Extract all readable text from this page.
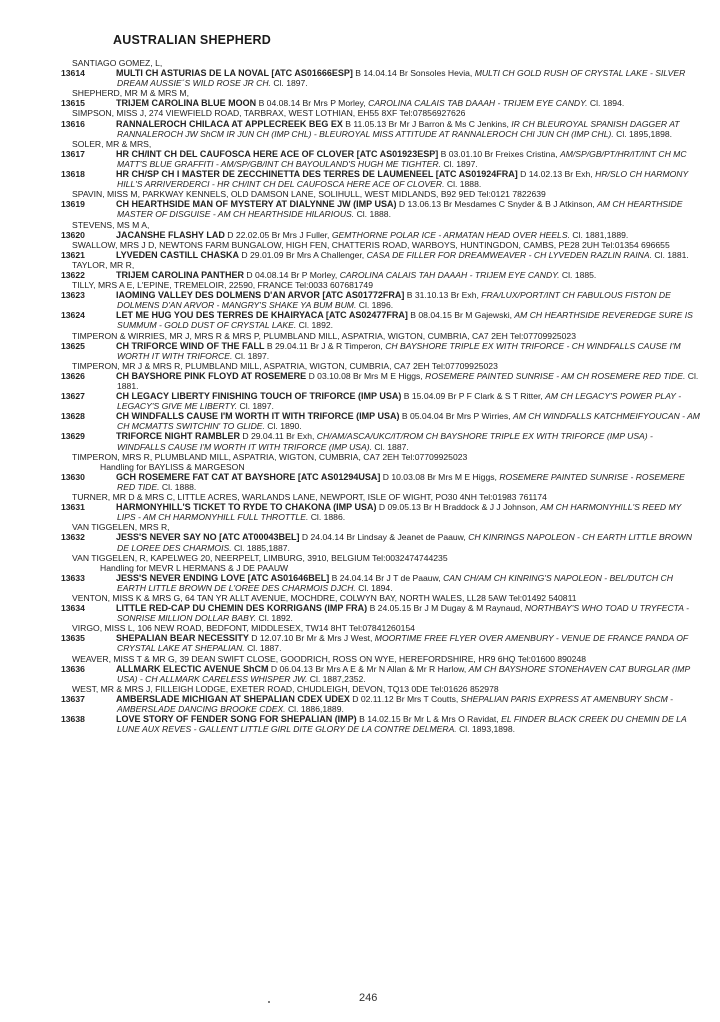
AUSTRALIAN SHEPHERD
SANTIAGO GOMEZ, L,
13614	MULTI CH ASTURIAS DE LA NOVAL [ATC AS01666ESP] B 14.04.14 Br Sonsoles Hevia, MULTI CH GOLD RUSH OF CRYSTAL LAKE - SILVER DREAM AUSSIE´S WILD ROSE JR CH. Cl. 1897.
SHEPHERD, MR M & MRS M,
13615	TRIJEM CAROLINA BLUE MOON B 04.08.14 Br Mrs P Morley, CAROLINA CALAIS TAB DAAAH - TRIJEM EYE CANDY. Cl. 1894.
SIMPSON, MISS J, 274 VIEWFIELD ROAD, TARBRAX, WEST LOTHIAN, EH55 8XF Tel:07856927626
13616	RANNALEROCH CHILACA AT APPLECREEK BEG EX B 11.05.13 Br Mr J Barron & Ms C Jenkins, IR CH BLEUROYAL SPANISH DAGGER AT RANNALEROCH JW ShCM IR JUN CH (IMP CHL) - BLEUROYAL MISS ATTITUDE AT RANNALEROCH CHI JUN CH (IMP CHL). Cl. 1895,1898.
SOLER, MR & MRS,
13617	HR CH/INT CH DEL CAUFOSCA HERE ACE OF CLOVER [ATC AS01923ESP] B 03.01.10 Br Freixes Cristina, AM/SP/GB/PT/HR/IT/INT CH MC MATT'S BLUE GRAFFITI - AM/SP/GB/INT CH BAYOULAND'S HUGH ME TIGHTER. Cl. 1897.
13618	HR CH/SP CH I MASTER DE ZECCHINETTA DES TERRES DE LAUMENEEL [ATC AS01924FRA] D 14.02.13 Br Exh, HR/SLO CH HARMONY HILL'S ARRIVERDERCI - HR CH/INT CH DEL CAUFOSCA HERE ACE OF CLOVER. Cl. 1888.
SPAVIN, MISS M, PARKWAY KENNELS, OLD DAMSON LANE, SOLIHULL, WEST MIDLANDS, B92 9ED Tel:0121 7822639
13619	CH HEARTHSIDE MAN OF MYSTERY AT DIALYNNE JW (IMP USA) D 13.06.13 Br Mesdames C Snyder & B J Atkinson, AM CH HEARTHSIDE MASTER OF DISGUISE - AM CH HEARTHSIDE HILARIOUS. Cl. 1888.
STEVENS, MS M A,
13620	JACANSHE FLASHY LAD D 22.02.05 Br Mrs J Fuller, GEMTHORNE POLAR ICE - ARMATAN HEAD OVER HEELS. Cl. 1881,1889.
SWALLOW, MRS J D, NEWTONS FARM BUNGALOW, HIGH FEN, CHATTERIS ROAD, WARBOYS, HUNTINGDON, CAMBS, PE28 2UH Tel:01354 696655
13621	LYVEDEN CASTILL CHASKA D 29.01.09 Br Mrs A Challenger, CASA DE FILLER FOR DREAMWEAVER - CH LYVEDEN RAZLIN RAINA. Cl. 1881.
TAYLOR, MR R,
13622	TRIJEM CAROLINA PANTHER D 04.08.14 Br P Morley, CAROLINA CALAIS TAH DAAAH - TRIJEM EYE CANDY. Cl. 1885.
TILLY, MRS A E, L'EPINE, TREMELOIR, 22590, FRANCE Tel:0033 607681749
13623	IAOMING VALLEY DES DOLMENS D'AN ARVOR [ATC AS01772FRA] B 31.10.13 Br Exh, FRA/LUX/PORT/INT CH FABULOUS FISTON DE DOLMENS D'AN ARVOR - MANGRY'S SHAKE YA BUM BUM. Cl. 1896.
13624	LET ME HUG YOU DES TERRES DE KHAIRYACA [ATC AS02477FRA] B 08.04.15 Br M Gajewski, AM CH HEARTHSIDE REVEREDGE SURE IS SUMMUM - GOLD DUST OF CRYSTAL LAKE. Cl. 1892.
TIMPERON & WIRRIES, MR J, MRS R & MRS P, PLUMBLAND MILL, ASPATRIA, WIGTON, CUMBRIA, CA7 2EH Tel:07709925023
13625	CH TRIFORCE WIND OF THE FALL B 29.04.11 Br J & R Timperon, CH BAYSHORE TRIPLE EX WITH TRIFORCE - CH WINDFALLS CAUSE I'M WORTH IT WITH TRIFORCE. Cl. 1897.
TIMPERON, MR J & MRS R, PLUMBLAND MILL, ASPATRIA, WIGTON, CUMBRIA, CA7 2EH Tel:07709925023
13626	CH BAYSHORE PINK FLOYD AT ROSEMERE D 03.10.08 Br Mrs M E Higgs, ROSEMERE PAINTED SUNRISE - AM CH ROSEMERE RED TIDE. Cl. 1881.
13627	CH LEGACY LIBERTY FINISHING TOUCH OF TRIFORCE (IMP USA) B 15.04.09 Br P F Clark & S T Ritter, AM CH LEGACY'S POWER PLAY - LEGACY'S GIVE ME LIBERTY. Cl. 1897.
13628	CH WINDFALLS CAUSE I'M WORTH IT WITH TRIFORCE (IMP USA) B 05.04.04 Br Mrs P Wirries, AM CH WINDFALLS KATCHMEIFYOUCAN - AM CH MCMATTS SWITCHIN' TO GLIDE. Cl. 1890.
13629	TRIFORCE NIGHT RAMBLER D 29.04.11 Br Exh, CH/AM/ASCA/UKC/IT/ROM CH BAYSHORE TRIPLE EX WITH TRIFORCE (IMP USA) - WINDFALLS CAUSE I'M WORTH IT WITH TRIFORCE (IMP USA). Cl. 1887.
TIMPERON, MRS R, PLUMBLAND MILL, ASPATRIA, WIGTON, CUMBRIA, CA7 2EH Tel:07709925023
Handling for BAYLISS & MARGESON
13630	GCH ROSEMERE FAT CAT AT BAYSHORE [ATC AS01294USA] D 10.03.08 Br Mrs M E Higgs, ROSEMERE PAINTED SUNRISE - ROSEMERE RED TIDE. Cl. 1888.
TURNER, MR D & MRS C, LITTLE ACRES, WARLANDS LANE, NEWPORT, ISLE OF WIGHT, PO30 4NH Tel:01983 761174
13631	HARMONYHILL'S TICKET TO RYDE TO CHAKONA (IMP USA) D 09.05.13 Br H Braddock & J J Johnson, AM CH HARMONYHILL'S REED MY LIPS - AM CH HARMONYHILL FULL THROTTLE. Cl. 1886.
VAN TIGGELEN, MRS R,
13632	JESS'S NEVER SAY NO [ATC AT00043BEL] D 24.04.14 Br Lindsay & Jeanet de Paauw, CH KINRINGS NAPOLEON - CH EARTH LITTLE BROWN DE LOREE DES CHARMOIS. Cl. 1885,1887.
VAN TIGGELEN, R, KAPELWEG 20, NEERPELT, LIMBURG, 3910, BELGIUM Tel:0032474744235
Handling for MEVR L HERMANS & J DE PAAUW
13633	JESS'S NEVER ENDING LOVE [ATC AS01646BEL] B 24.04.14 Br J T de Paauw, CAN CH/AM CH KINRING'S NAPOLEON - BEL/DUTCH CH EARTH LITTLE BROWN DE L'OREE DES CHARMOIS DJCH. Cl. 1894.
VENTON, MISS K & MRS G, 64 TAN YR ALLT AVENUE, MOCHDRE, COLWYN BAY, NORTH WALES, LL28 5AW Tel:01492 540811
13634	LITTLE RED-CAP DU CHEMIN DES KORRIGANS (IMP FRA) B 24.05.15 Br J M Dugay & M Raynaud, NORTHBAY'S WHO TOAD U TRYFECTA - SONRISE MILLION DOLLAR BABY. Cl. 1892.
VIRGO, MISS L, 106 NEW ROAD, BEDFONT, MIDDLESEX, TW14 8HT Tel:07841260154
13635	SHEPALIAN BEAR NECESSITY D 12.07.10 Br Mr & Mrs J West, MOORTIME FREE FLYER OVER AMENBURY - VENUE DE FRANCE PANDA OF CRYSTAL LAKE AT SHEPALIAN. Cl. 1887.
WEAVER, MISS T & MR G, 39 DEAN SWIFT CLOSE, GOODRICH, ROSS ON WYE, HEREFORDSHIRE, HR9 6HQ Tel:01600 890248
13636	ALLMARK ELECTIC AVENUE ShCM D 06.04.13 Br Mrs A E & Mr N Allan & Mr R Harlow, AM CH BAYSHORE STONEHAVEN CAT BURGLAR (IMP USA) - CH ALLMARK CARELESS WHISPER JW. Cl. 1887,2352.
WEST, MR & MRS J, FILLEIGH LODGE, EXETER ROAD, CHUDLEIGH, DEVON, TQ13 0DE Tel:01626 852978
13637	AMBERSLADE MICHIGAN AT SHEPALIAN CDEX UDEX D 02.11.12 Br Mrs T Coutts, SHEPALIAN PARIS EXPRESS AT AMENBURY ShCM - AMBERSLADE DANCING BROOKE CDEX. Cl. 1886,1889.
13638	LOVE STORY OF FENDER SONG FOR SHEPALIAN (IMP) B 14.02.15 Br Mr L & Mrs O Ravidat, EL FINDER BLACK CREEK DU CHEMIN DE LA LUNE AUX REVES - GALLENT LITTLE GIRL DITE GLORY DE LA CONTRE DELMERA. Cl. 1893,1898.
246
